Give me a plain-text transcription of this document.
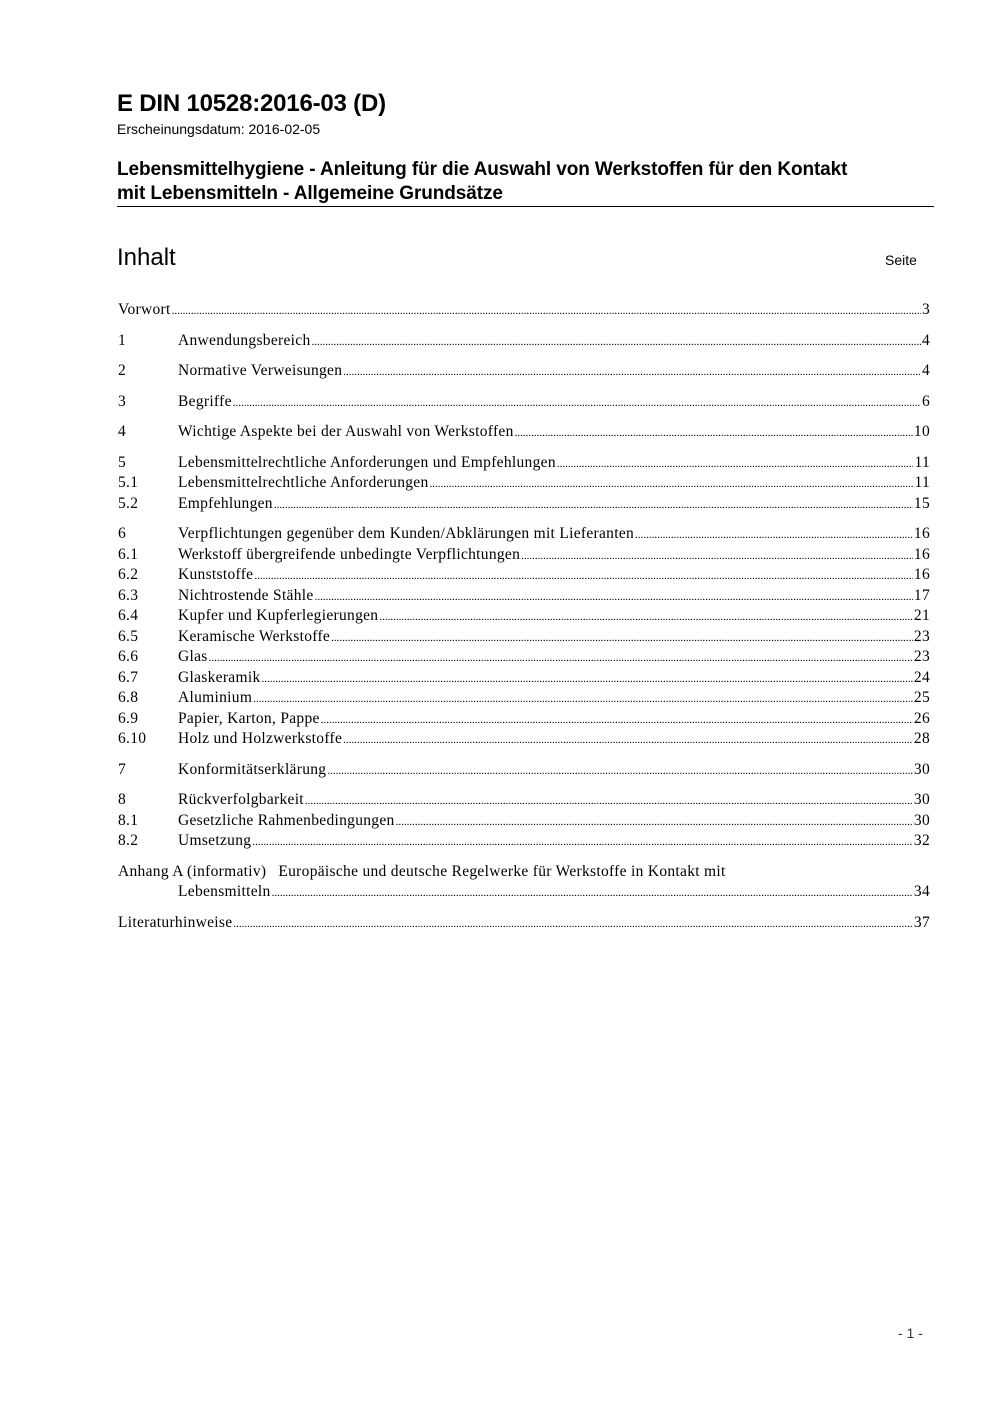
E DIN 10528:2016-03 (D)
Erscheinungsdatum: 2016-02-05
Lebensmittelhygiene - Anleitung für die Auswahl von Werkstoffen für den Kontakt
mit Lebensmitteln - Allgemeine Grundsätze
Inhalt	Seite
Vorwort .....	3
1	Anwendungsbereich .....	4
2	Normative Verweisungen .....	4
3	Begriffe .....	6
4	Wichtige Aspekte bei der Auswahl von Werkstoffen .....	10
5	Lebensmittelrechtliche Anforderungen und Empfehlungen .....	11
5.1	Lebensmittelrechtliche Anforderungen .....	11
5.2	Empfehlungen .....	15
6	Verpflichtungen gegenüber dem Kunden/Abklärungen mit Lieferanten .....	16
6.1	Werkstoff übergreifende unbedingte Verpflichtungen .....	16
6.2	Kunststoffe .....	16
6.3	Nichtrostende Stähle .....	17
6.4	Kupfer und Kupferlegierungen .....	21
6.5	Keramische Werkstoffe .....	23
6.6	Glas .....	23
6.7	Glaskeramik .....	24
6.8	Aluminium .....	25
6.9	Papier, Karton, Pappe .....	26
6.10	Holz und Holzwerkstoffe .....	28
7	Konformitätserklärung .....	30
8	Rückverfolgbarkeit .....	30
8.1	Gesetzliche Rahmenbedingungen .....	30
8.2	Umsetzung .....	32
Anhang A (informativ) Europäische und deutsche Regelwerke für Werkstoffe in Kontakt mit
Lebensmitteln .....	34
Literaturhinweise .....	37
- 1 -
